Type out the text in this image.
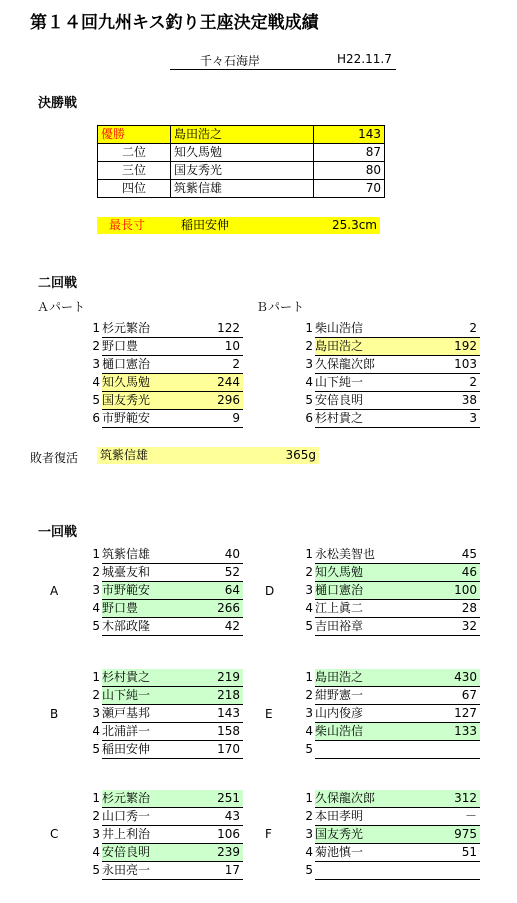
第１４回九州キス釣り王座決定戦成績
千々石海岸	H22.11.7
決勝戦
優勝	島田浩之	143
二位	知久馬勉	87
三位	国友秀光	80
四位	筑紫信雄	70
最長寸	稲田安伸	25.3cm
二回戦
Ａパート	Ｂパート
1	杉元繁治	122
2	野口豊	10
3	樋口憲治	2
4	知久馬勉	244
5	国友秀光	296
6	市野範安	9
1	柴山浩信	2
2	島田浩之	192
3	久保龍次郎	103
4	山下純一	2
5	安倍良明	38
6	杉村貴之	3
敗者復活 筑紫信雄	365g
一回戦
A
1	筑紫信雄	40
2	城臺友和	52
3	市野範安	64
4	野口豊	266
5	木部政隆	42
D
1	永松美智也	45
2	知久馬勉	46
3	樋口憲治	100
4	江上眞二	28
5	吉田裕章	32
B
1	杉村貴之	219
2	山下純一	218
3	瀬戸基邦	143
4	北浦詳一	158
5	稲田安伸	170
E
1	島田浩之	430
2	紺野憲一	67
3	山内俊彦	127
4	柴山浩信	133
5		
C
1	杉元繁治	251
2	山口秀一	43
3	井上利治	106
4	安倍良明	239
5	永田亮一	17
F
1	久保龍次郎	312
2	本田孝明	－
3	国友秀光	975
4	菊池慎一	51
5		
